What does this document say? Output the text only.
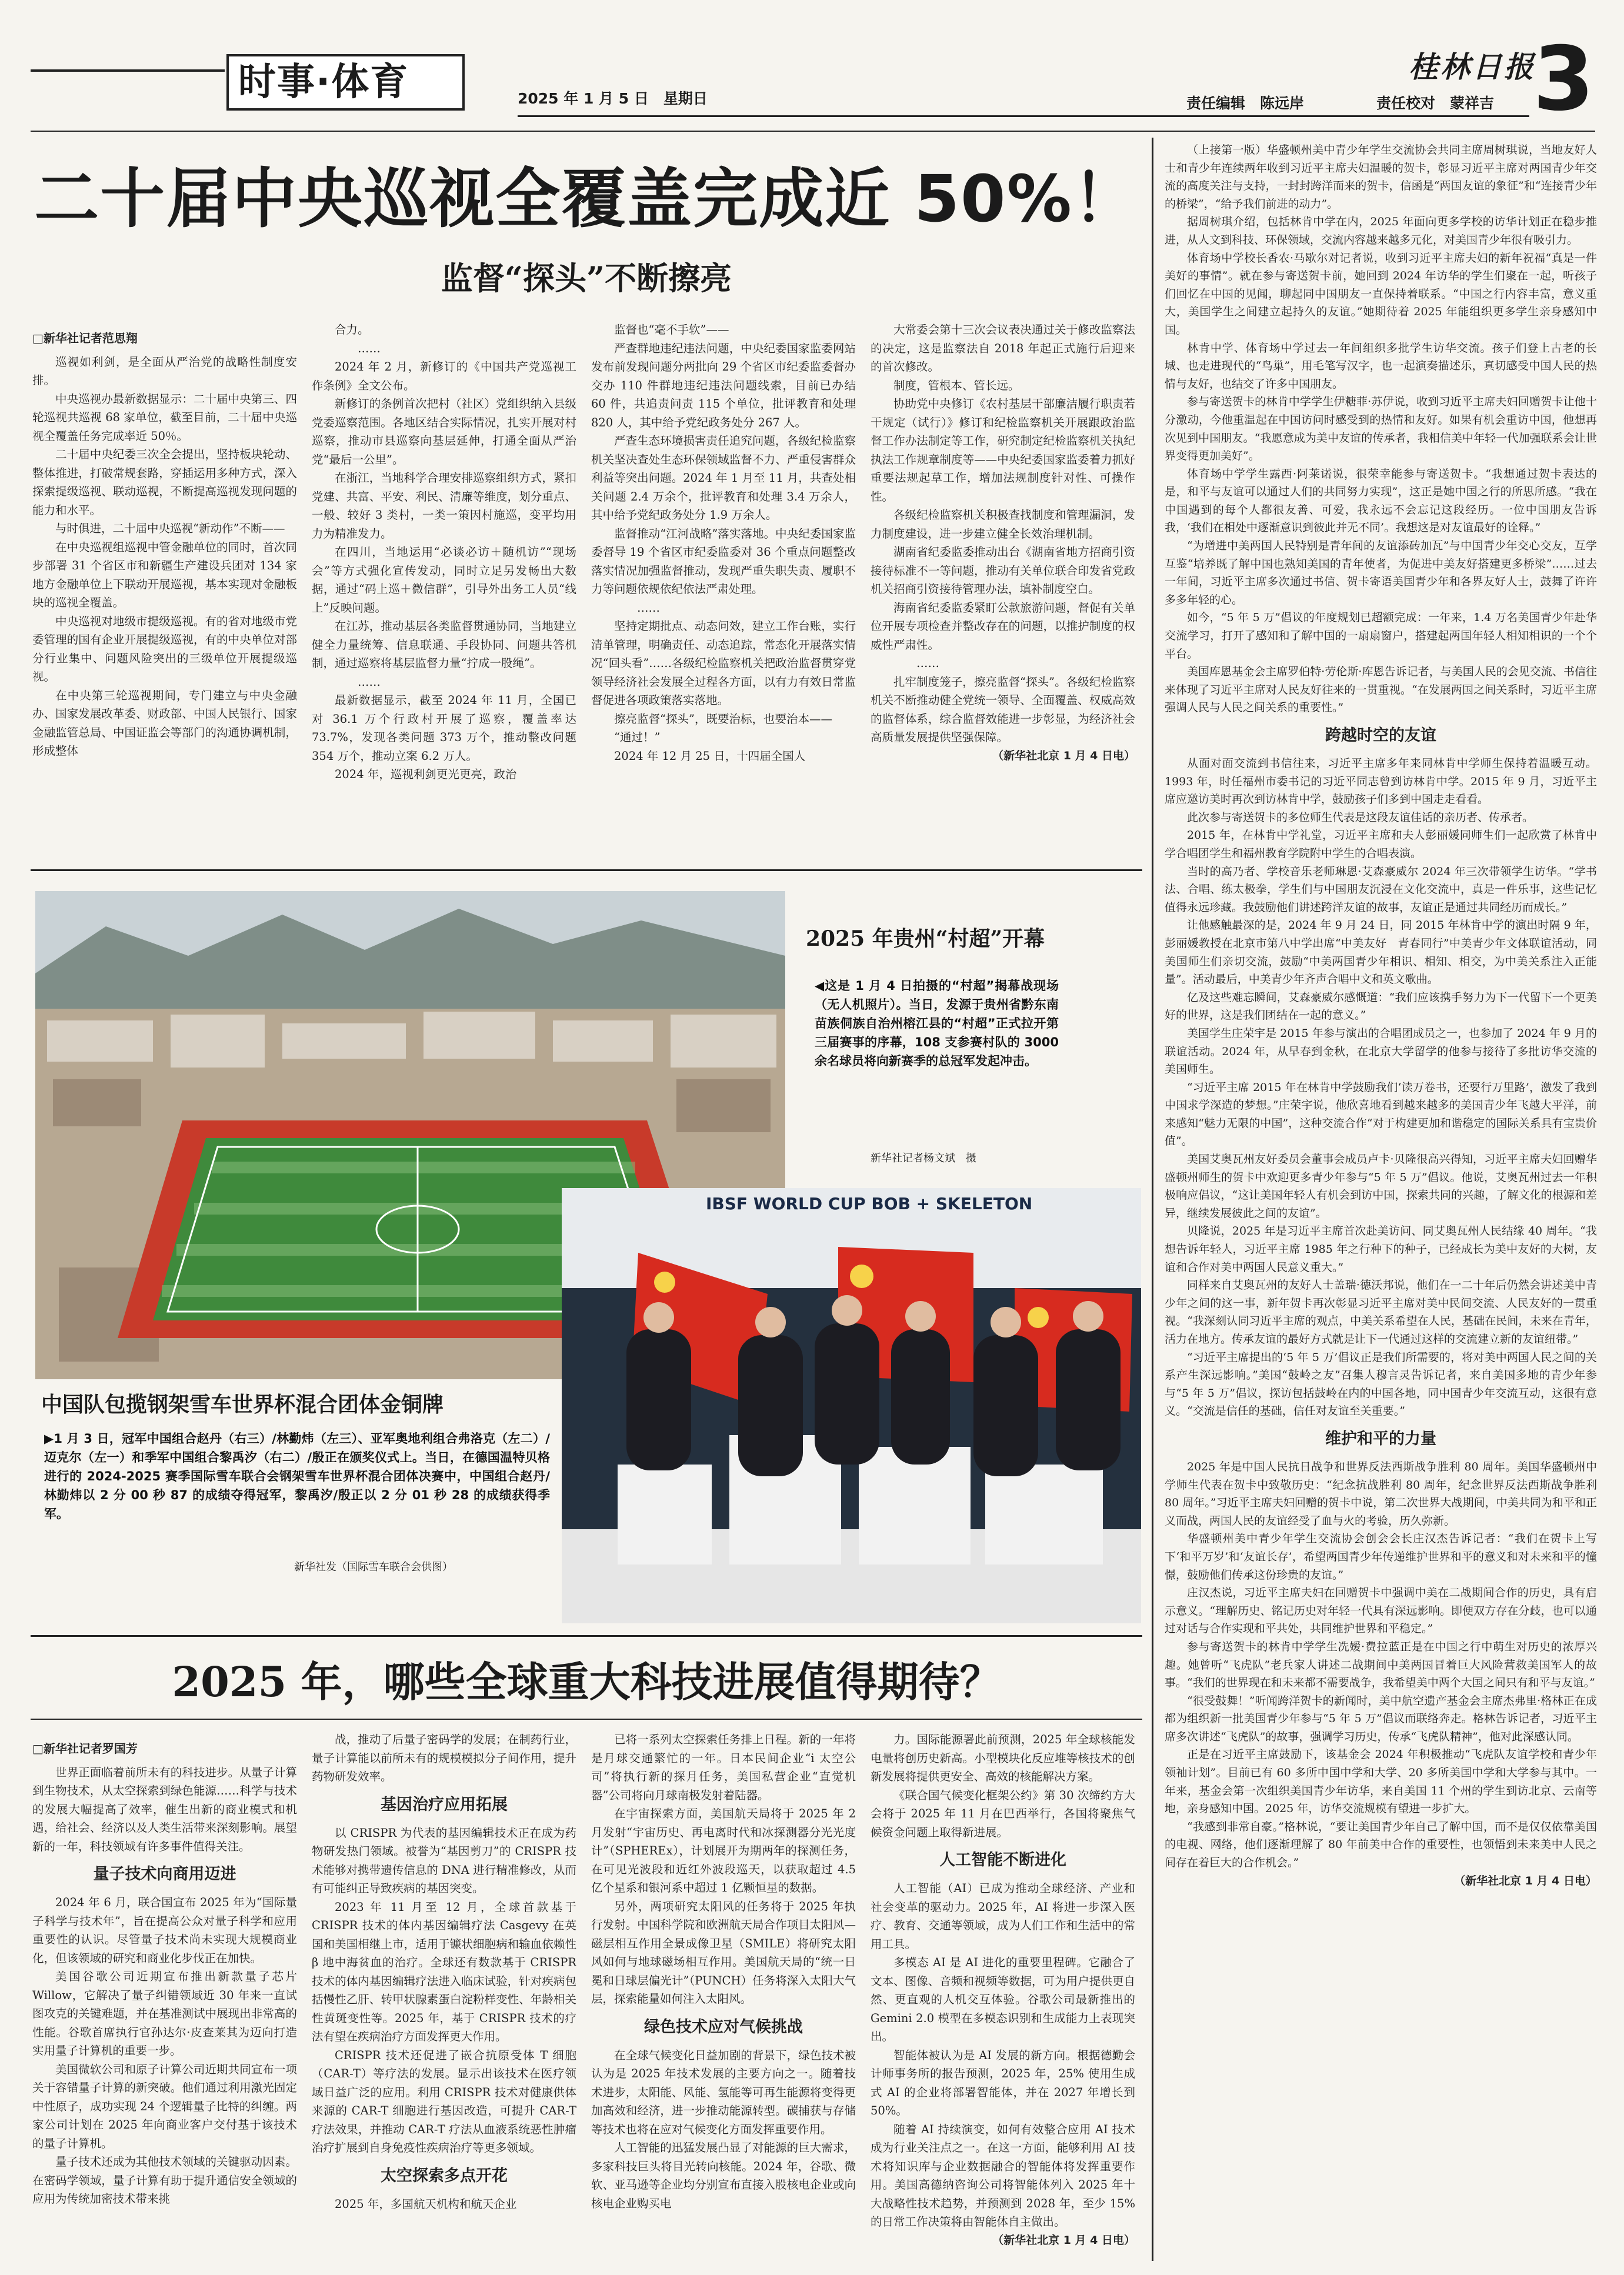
时事·体育	2025 年 1 月 5 日　星期日
桂林日报
3
责任编辑　陈远岸	责任校对　蒙祥吉
二十届中央巡视全覆盖完成近 50%！
监督“探头”不断擦亮

□新华社记者范思翔

巡视如利剑，是全面从严治党的战略性制度安排。

中央巡视办最新数据显示：二十届中央第三、四轮巡视共巡视 68 家单位，截至目前，二十届中央巡视全覆盖任务完成率近 50％。

二十届中央纪委三次全会提出，坚持板块轮动、整体推进，打破常规套路，穿插运用多种方式，深入探索提级巡视、联动巡视，不断提高巡视发现问题的能力和水平。

与时俱进，二十届中央巡视“新动作”不断——

在中央巡视组巡视中管金融单位的同时，首次同步部署 31 个省区市和新疆生产建设兵团对 134 家地方金融单位上下联动开展巡视，基本实现对金融板块的巡视全覆盖。

中央巡视对地级市提级巡视。有的省对地级市党委管理的国有企业开展提级巡视，有的中央单位对部分行业集中、问题风险突出的三级单位开展提级巡视。

在中央第三轮巡视期间，专门建立与中央金融办、国家发展改革委、财政部、中国人民银行、国家金融监管总局、中国证监会等部门的沟通协调机制，形成整体

合力。

……

2024 年 2 月，新修订的《中国共产党巡视工作条例》全文公布。

新修订的条例首次把村（社区）党组织纳入县级党委巡察范围。各地区结合实际情况，扎实开展对村巡察，推动市县巡察向基层延伸，打通全面从严治党“最后一公里”。

在浙江，当地科学合理安排巡察组织方式，紧扣党建、共富、平安、利民、清廉等维度，划分重点、一般、较好 3 类村，一类一策因村施巡，变平均用力为精准发力。

在四川，当地运用“必谈必访＋随机访”“现场会”等方式强化宣传发动，同时立足另发畅出大数据，通过“码上巡＋微信群”，引导外出务工人员“线上”反映问题。

在江苏，推动基层各类监督贯通协同，当地建立健全力量统筹、信息联通、手段协同、问题共答机制，通过巡察将基层监督力量“拧成一股绳”。

……

最新数据显示，截至 2024 年 11 月，全国已对 36.1 万个行政村开展了巡察，覆盖率达 73.7%，发现各类问题 373 万个，推动整改问题 354 万个，推动立案 6.2 万人。

2024 年，巡视利剑更光更亮，政治

监督也“毫不手软”——

严查群地违纪违法问题，中央纪委国家监委网站发布前发现问题分两批向 29 个省区市纪委监委督办交办 110 件群地违纪违法问题线索，目前已办结 60 件，共追责问责 115 个单位，批评教育和处理 820 人，其中给予党纪政务处分 267 人。

严查生态环境损害责任追究问题，各级纪检监察机关坚决查处生态环保领域监督不力、严重侵害群众利益等突出问题。2024 年 1 月至 11 月，共查处相关问题 2.4 万余个，批评教育和处理 3.4 万余人，其中给予党纪政务处分 1.9 万余人。

监督推动“江河战略”落实落地。中央纪委国家监委督导 19 个省区市纪委监委对 36 个重点问题整改落实情况加强监督推动，发现严重失职失责、履职不力等问题依规依纪依法严肃处理。

……

坚持定期批点、动态问效，建立工作台账，实行清单管理，明确责任、动态追踪，常态化开展落实情况“回头看”……各级纪检监察机关把政治监督贯穿党领导经济社会发展全过程各方面，以有力有效日常监督促进各项政策落实落地。

擦亮监督“探头”，既要治标，也要治本——

“通过！”

2024 年 12 月 25 日，十四届全国人

大常委会第十三次会议表决通过关于修改监察法的决定，这是监察法自 2018 年起正式施行后迎来的首次修改。

制度，管根本、管长远。

协助党中央修订《农村基层干部廉洁履行职责若干规定（试行）》修订和纪检监察机关开展跟政治监督工作办法制定等工作，研究制定纪检监察机关执纪执法工作规章制度等——中央纪委国家监委着力抓好重要法规起草工作，增加法规制度针对性、可操作性。

各级纪检监察机关积极查找制度和管理漏洞，发力制度建设，进一步建立健全长效治理机制。

湖南省纪委监委推动出台《湖南省地方招商引资接待标准不一等问题，推动有关单位联合印发省党政机关招商引资接待管理办法，填补制度空白。

海南省纪委监委紧盯公款旅游问题，督促有关单位开展专项检查并整改存在的问题，以推护制度的权威性严肃性。

……

扎牢制度笼子，擦亮监督“探头”。各级纪检监察机关不断推动健全党统一领导、全面覆盖、权威高效的监督体系，综合监督效能进一步彰显，为经济社会高质量发展提供坚强保障。

（新华社北京 1 月 4 日电）

2025 年贵州“村超”开幕
◀这是 1 月 4 日拍摄的“村超”揭幕战现场（无人机照片）。当日，发源于贵州省黔东南苗族侗族自治州榕江县的“村超”正式拉开第三届赛事的序幕，108 支参赛村队的 3000 余名球员将向新赛季的总冠军发起冲击。
新华社记者杨文斌　摄
IBSF WORLD CUP BOB + SKELETON
中国队包揽钢架雪车世界杯混合团体金铜牌
▶1 月 3 日，冠军中国组合赵丹（右三）/林勤炜（左三）、亚军奥地利组合弗洛克（左二）/迈克尔（左一）和季军中国组合黎禹汐（右二）/殷正在颁奖仪式上。当日，在德国温特贝格进行的 2024-2025 赛季国际雪车联合会钢架雪车世界杯混合团体决赛中，中国组合赵丹/林勤炜以 2 分 00 秒 87 的成绩夺得冠军，黎禹汐/殷正以 2 分 01 秒 28 的成绩获得季军。
新华社发（国际雪车联合会供图）
2025 年，哪些全球重大科技进展值得期待？

□新华社记者罗国芳

世界正面临着前所未有的科技进步。从量子计算到生物技术，从太空探索到绿色能源……科学与技术的发展大幅提高了效率，催生出新的商业模式和机遇，给社会、经济以及人类生活带来深刻影响。展望新的一年，科技领域有许多事件值得关注。

量子技术向商用迈进

2024 年 6 月，联合国宣布 2025 年为“国际量子科学与技术年”，旨在提高公众对量子科学和应用重要性的认识。尽管量子技术尚未实现大规模商业化，但该领域的研究和商业化步伐正在加快。

美国谷歌公司近期宣布推出新款量子芯片 Willow，它解决了量子纠错领域近 30 年来一直试图攻克的关键难题，并在基准测试中展现出非常高的性能。谷歌首席执行官孙达尔·皮查莱其为迈向打造实用量子计算机的重要一步。

美国微软公司和原子计算公司近期共同宣布一项关于容错量子计算的新突破。他们通过利用激光固定中性原子，成功实现 24 个逻辑量子比特的纠缠。两家公司计划在 2025 年向商业客户交付基于该技术的量子计算机。

量子技术还成为其他技术领域的关键驱动因素。在密码学领域，量子计算有助于提升通信安全领域的应用为传统加密技术带来挑

战，推动了后量子密码学的发展；在制药行业，量子计算能以前所未有的规模模拟分子间作用，提升药物研发效率。

基因治疗应用拓展

以 CRISPR 为代表的基因编辑技术正在成为药物研发热门领域。被誉为“基因剪刀”的 CRISPR 技术能够对携带遗传信息的 DNA 进行精准修改，从而有可能纠正导致疾病的基因突变。

2023 年 11 月至 12 月，全球首款基于 CRISPR 技术的体内基因编辑疗法 Casgevy 在英国和美国相继上市，适用于镰状细胞病和输血依赖性 β 地中海贫血的治疗。全球还有数款基于 CRISPR 技术的体内基因编辑疗法进入临床试验，针对疾病包括慢性乙肝、转甲状腺素蛋白淀粉样变性、年龄相关性黄斑变性等。2025 年，基于 CRISPR 技术的疗法有望在疾病治疗方面发挥更大作用。

CRISPR 技术还促进了嵌合抗原受体 T 细胞（CAR-T）等疗法的发展。显示出该技术在医疗领域日益广泛的应用。利用 CRISPR 技术对健康供体来源的 CAR-T 细胞进行基因改造，可提升 CAR-T 疗法效果，并推动 CAR-T 疗法从血液系统恶性肿瘤治疗扩展到自身免疫性疾病治疗等更多领域。

太空探索多点开花

2025 年，多国航天机构和航天企业

已将一系列太空探索任务排上日程。新的一年将是月球交通繁忙的一年。日本民间企业“i 太空公司”将执行新的探月任务，美国私营企业“直觉机器”公司将向月球南极发射着陆器。

在宇宙探索方面，美国航天局将于 2025 年 2 月发射“宇宙历史、再电离时代和冰探测器分光光度计”（SPHEREx），计划展开为期两年的探测任务，在可见光波段和近红外波段巡天，以获取超过 4.5 亿个星系和银河系中超过 1 亿颗恒星的数据。

另外，两项研究太阳风的任务将于 2025 年执行发射。中国科学院和欧洲航天局合作项目太阳风—磁层相互作用全景成像卫星（SMILE）将研究太阳风如何与地球磁场相互作用。美国航天局的“统一日冕和日球层偏光计”（PUNCH）任务将深入太阳大气层，探索能量如何注入太阳风。

绿色技术应对气候挑战

在全球气候变化日益加剧的背景下，绿色技术被认为是 2025 年技术发展的主要方向之一。随着技术进步，太阳能、风能、氢能等可再生能源将变得更加高效和经济，进一步推动能源转型。碳捕获与存储等技术也将在应对气候变化方面发挥重要作用。

人工智能的迅猛发展凸显了对能源的巨大需求，多家科技巨头将目光转向核能。2024 年，谷歌、微软、亚马逊等企业均分别宣布直接入股核电企业或向核电企业购买电

力。国际能源署此前预测，2025 年全球核能发电量将创历史新高。小型模块化反应堆等核技术的创新发展将提供更安全、高效的核能解决方案。

《联合国气候变化框架公约》第 30 次缔约方大会将于 2025 年 11 月在巴西举行，各国将聚焦气候资金问题上取得新进展。

人工智能不断进化

人工智能（AI）已成为推动全球经济、产业和社会变革的驱动力。2025 年，AI 将进一步深入医疗、教育、交通等领域，成为人们工作和生活中的常用工具。

多模态 AI 是 AI 进化的重要里程碑。它融合了文本、图像、音频和视频等数据，可为用户提供更自然、更直观的人机交互体验。谷歌公司最新推出的 Gemini 2.0 模型在多模态识别和生成能力上表现突出。

智能体被认为是 AI 发展的新方向。根据德勤会计师事务所的报告预测，2025 年，25% 使用生成式 AI 的企业将部署智能体，并在 2027 年增长到 50%。

随着 AI 持续演变，如何有效整合应用 AI 技术成为行业关注点之一。在这一方面，能够利用 AI 技术将知识库与企业数据融合的智能体将发挥重要作用。美国高德纳咨询公司将智能体列入 2025 年十大战略性技术趋势，并预测到 2028 年，至少 15% 的日常工作决策将由智能体自主做出。

（新华社北京 1 月 4 日电）

（上接第一版）华盛顿州美中青少年学生交流协会共同主席周树琪说，当地友好人士和青少年连续两年收到习近平主席夫妇温暖的贺卡，彰显习近平主席对两国青少年交流的高度关注与支持，一封封跨洋而来的贺卡，信函是“两国友谊的象征”和“连接青少年的桥梁”，“给予我们前进的动力”。

据周树琪介绍，包括林肯中学在内，2025 年面向更多学校的访华计划正在稳步推进，从人文到科技、环保领域，交流内容越来越多元化，对美国青少年很有吸引力。

体育场中学校长香农·马歇尔对记者说，收到习近平主席夫妇的新年祝福“真是一件美好的事情”。就在参与寄送贺卡前，她回到 2024 年访华的学生们聚在一起，听孩子们回忆在中国的见闻，聊起同中国朋友一直保持着联系。“中国之行内容丰富，意义重大，美国学生之间建立起持久的友谊。”她期待着 2025 年能组织更多学生亲身感知中国。

林肯中学、体育场中学过去一年间组织多批学生访华交流。孩子们登上古老的长城、也走进现代的“鸟巢”，用毛笔写汉字，也一起演奏描述乐，真切感受中国人民的热情与友好，也结交了许多中国朋友。

参与寄送贺卡的林肯中学学生伊糖菲·苏伊说，收到习近平主席夫妇回赠贺卡让他十分激动，今他重温起在中国访问时感受到的热情和友好。如果有机会重访中国，他想再次见到中国朋友。“我愿意成为美中友谊的传承者，我相信美中年轻一代加强联系会让世界变得更加美好”。

体育场中学学生露西·阿莱诺说，很荣幸能参与寄送贺卡。“我想通过贺卡表达的是，和平与友谊可以通过人们的共同努力实现”，这正是她中国之行的所思所感。“我在中国遇到的每个人都很友善、可爱，我永远不会忘记这段经历。一位中国朋友告诉我，‘我们在相处中逐渐意识到彼此并无不同’。我想这是对友谊最好的诠释。”

“为增进中美两国人民特别是青年间的友谊添砖加瓦”与中国青少年交心交友，互学互鉴“培养既了解中国也熟知美国的青年使者，为促进中美友好搭建更多桥梁”……过去一年间，习近平主席多次通过书信、贺卡寄语美国青少年和各界友好人士，鼓舞了许许多多年轻的心。

如今，“5 年 5 万”倡议的年度规划已超额完成：一年来，1.4 万名美国青少年赴华交流学习，打开了感知和了解中国的一扇扇窗户，搭建起两国年轻人相知相识的一个个平台。

美国库恩基金会主席罗伯特·劳伦斯·库恩告诉记者，与美国人民的会见交流、书信往来体现了习近平主席对人民友好往来的一贯重视。“在发展两国之间关系时，习近平主席强调人民与人民之间关系的重要性。”

跨越时空的友谊

从面对面交流到书信往来，习近平主席多年来同林肯中学师生保持着温暖互动。1993 年，时任福州市委书记的习近平同志曾到访林肯中学。2015 年 9 月，习近平主席应邀访美时再次到访林肯中学，鼓励孩子们多到中国走走看看。

此次参与寄送贺卡的多位师生代表是这段友谊佳话的亲历者、传承者。

2015 年，在林肯中学礼堂，习近平主席和夫人彭丽媛同师生们一起欣赏了林肯中学合唱团学生和福州教育学院附中学生的合唱表演。

当时的高乃者、学校音乐老师琳恩·艾森豪威尔 2024 年三次带领学生访华。“学书法、合唱、练太极拳，学生们与中国朋友沉浸在文化交流中，真是一件乐事，这些记忆值得永远珍藏。我鼓励他们讲述跨洋友谊的故事，友谊正是通过共同经历而成长。”

让他感触最深的是，2024 年 9 月 24 日，同 2015 年林肯中学的演出时隔 9 年，彭丽媛教授在北京市第八中学出席“中美友好　青春同行”中美青少年文体联谊活动，同美国师生们亲切交流，鼓励“中美两国青少年相识、相知、相交，为中美关系注入正能量”。活动最后，中美青少年齐声合唱中文和英文歌曲。

亿及这些难忘瞬间，艾森豪威尔感慨道：“我们应该携手努力为下一代留下一个更美好的世界，这是我们团结在一起的意义。”

美国学生庄荣宇是 2015 年参与演出的合唱团成员之一，也参加了 2024 年 9 月的联谊活动。2024 年，从早春到金秋，在北京大学留学的他参与接待了多批访华交流的美国师生。

“习近平主席 2015 年在林肯中学鼓励我们‘读万卷书，还要行万里路’，激发了我到中国求学深造的梦想。”庄荣宇说，他欣喜地看到越来越多的美国青少年飞越大平洋，前来感知“魅力无限的中国”，这种交流合作“对于构建更加和谐稳定的国际关系具有宝贵价值”。

美国艾奥瓦州友好委员会董事会成员卢卡·贝隆很高兴得知，习近平主席夫妇回赠华盛顿州师生的贺卡中欢迎更多青少年参与“5 年 5 万”倡议。他说，艾奥瓦州过去一年积极响应倡议，“这让美国年轻人有机会到访中国，探索共同的兴趣，了解文化的根源和差异，继续发展彼此之间的友谊”。

贝隆说，2025 年是习近平主席首次赴美访问、同艾奥瓦州人民结缘 40 周年。“我想告诉年轻人，习近平主席 1985 年之行种下的种子，已经成长为美中友好的大树，友谊和合作对美中两国人民意义重大。”

同样来自艾奥瓦州的友好人士盖瑞·德沃邦说，他们在一二十年后仍然会讲述美中青少年之间的这一事，新年贺卡再次彰显习近平主席对美中民间交流、人民友好的一贯重视。“我深刻认同习近平主席的观点，中美关系希望在人民，基础在民间，未来在青年，活力在地方。传承友谊的最好方式就是让下一代通过这样的交流建立新的友谊纽带。”

“习近平主席提出的‘5 年 5 万’倡议正是我们所需要的，将对美中两国人民之间的关系产生深远影响。”美国“鼓岭之友”召集人穆言灵告诉记者，来自美国多地的青少年参与“5 年 5 万”倡议，探访包括鼓岭在内的中国各地，同中国青少年交流互动，这很有意义。“交流是信任的基础，信任对友谊至关重要。”

维护和平的力量

2025 年是中国人民抗日战争和世界反法西斯战争胜利 80 周年。美国华盛顿州中学师生代表在贺卡中致敬历史：“纪念抗战胜利 80 周年，纪念世界反法西斯战争胜利 80 周年。”习近平主席夫妇回赠的贺卡中说，第二次世界大战期间，中美共同为和平和正义而战，两国人民的友谊经受了血与火的考验，历久弥新。

华盛顿州美中青少年学生交流协会创会会长庄汉杰告诉记者：“我们在贺卡上写下‘和平万岁’和‘友谊长存’，希望两国青少年传递维护世界和平的意义和对未来和平的憧憬，鼓励他们传承这份珍贵的友谊。”

庄汉杰说，习近平主席夫妇在回赠贺卡中强调中美在二战期间合作的历史，具有启示意义。“理解历史、铭记历史对年轻一代具有深远影响。即便双方存在分歧，也可以通过对话与合作实现和平共处，共同维护世界和平稳定。”

参与寄送贺卡的林肯中学学生冼嫒·费拉蓝正是在中国之行中萌生对历史的浓厚兴趣。她曾听“飞虎队”老兵家人讲述二战期间中美两国冒着巨大风险营救美国军人的故事。“我们的世界现在和未来都不需要战争，我希望美中两个大国之间只有和平与友谊。”

“很受鼓舞！”听闻跨洋贺卡的新闻时，美中航空遗产基金会主席杰弗里·格林正在成都为组织新一批美国青少年参与“5 年 5 万”倡议而联络奔走。格林告诉记者，习近平主席多次讲述“飞虎队”的故事，强调学习历史，传承“飞虎队精神”，他对此深感认同。

正是在习近平主席鼓励下，该基金会 2024 年积极推动“飞虎队友谊学校和青少年领袖计划”。目前已有 60 多所中国中学和大学、20 多所美国中学和大学参与其中。一年来，基金会第一次组织美国青少年访华，来自美国 11 个州的学生到访北京、云南等地，亲身感知中国。2025 年，访华交流规模有望进一步扩大。

“我感到非常自豪。”格林说，“要让美国青少年自己了解中国，而不是仅仅依靠美国的电视、网络，他们逐渐理解了 80 年前美中合作的重要性，也领悟到未来美中人民之间存在着巨大的合作机会。”

（新华社北京 1 月 4 日电）
